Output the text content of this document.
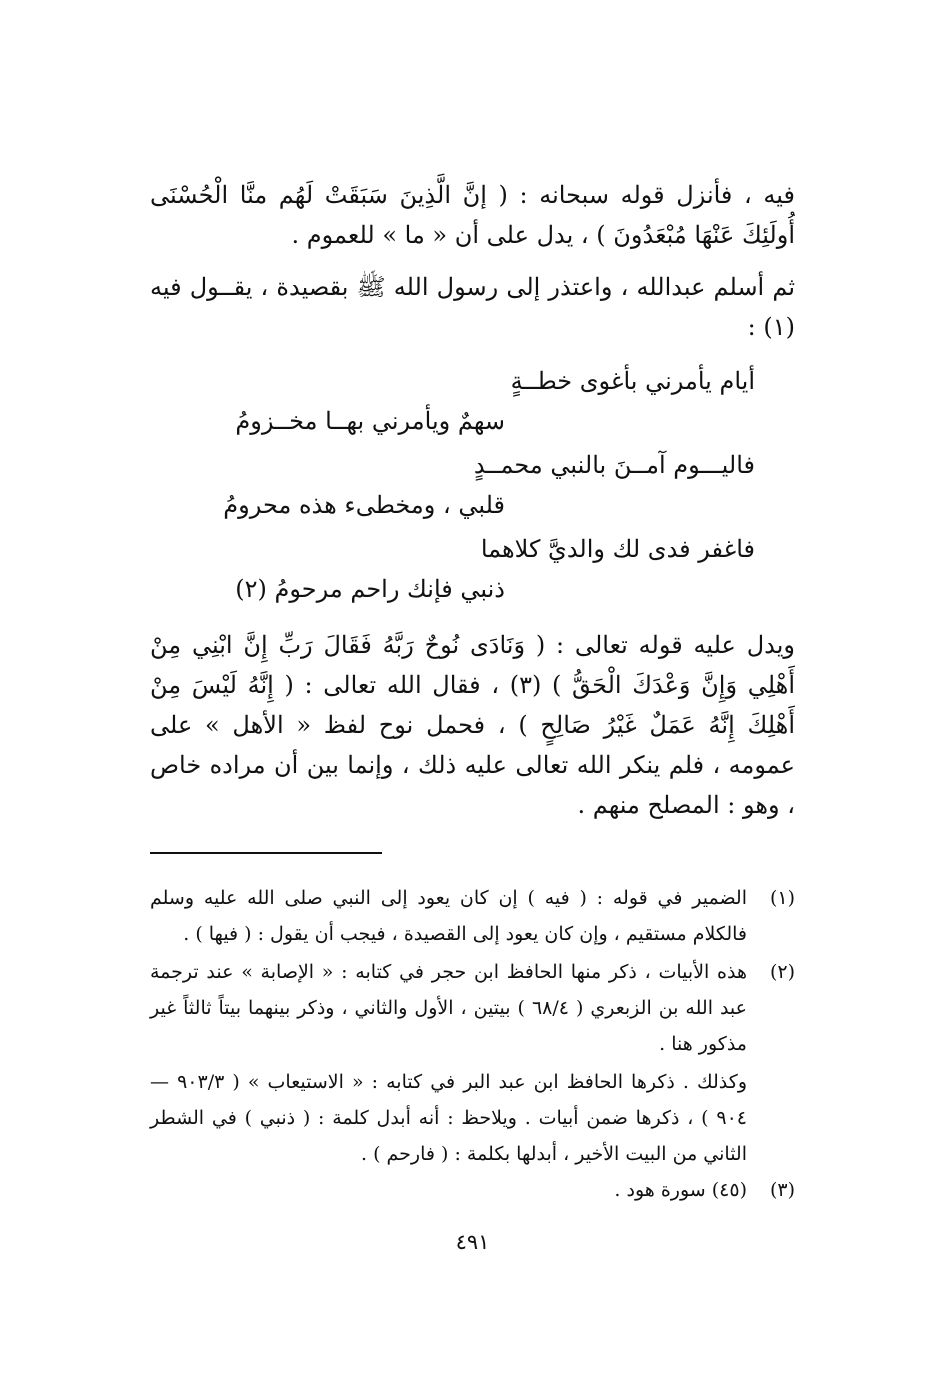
فيه ، فأنزل قوله سبحانه : ( إنَّ الَّذِينَ سَبَقَتْ لَهُم منَّا الْحُسْنَى أُولَئِكَ عَنْهَا مُبْعَدُونَ ) ، يدل على أن « ما » للعموم .

ثم أسلم عبدالله ، واعتذر إلى رسول الله ﷺ بقصيدة ، يقــول فيه (١) :

أيام يأمرني بأغوى خطــةٍ
سهمٌ ويأمرني بهــا مخــزومُ
فاليـــوم آمــنَ بالنبي محمــدٍ
قلبي ، ومخطىء هذه محرومُ
فاغفر فدى لك والديَّ كلاهما
ذنبي فإنك راحم مرحومُ (٢)

ويدل عليه قوله تعالى : ( وَنَادَى نُوحٌ رَبَّهُ فَقَالَ رَبِّ إِنَّ ابْنِي مِنْ أَهْلِي وَإِنَّ وَعْدَكَ الْحَقُّ ) (٣) ، فقال الله تعالى : ( إِنَّهُ لَيْسَ مِنْ أَهْلِكَ إِنَّهُ عَمَلٌ غَيْرُ صَالِحٍ ) ، فحمل نوح لفظ « الأهل » على عمومه ، فلم ينكر الله تعالى عليه ذلك ، وإنما بين أن مراده خاص ، وهو : المصلح منهم .

(١)
الضمير في قوله : ( فيه ) إن كان يعود إلى النبي صلى الله عليه وسلم فالكلام مستقيم ، وإن كان يعود إلى القصيدة ، فيجب أن يقول : ( فيها ) .
(٢)
هذه الأبيات ، ذكر منها الحافظ ابن حجر في كتابه : « الإصابة » عند ترجمة عبد الله بن الزبعري ( ٦٨/٤ ) بيتين ، الأول والثاني ، وذكر بينهما بيتاً ثالثاً غير مذكور هنا .

وكذلك . ذكرها الحافظ ابن عبد البر في كتابه : « الاستيعاب » ( ٩٠٣/٣ — ٩٠٤ ) ، ذكرها ضمن أبيات . ويلاحظ : أنه أبدل كلمة : ( ذنبي ) في الشطر الثاني من البيت الأخير ، أبدلها بكلمة : ( فارحم ) .

(٣)
(٤٥) سورة هود .
٤٩١
